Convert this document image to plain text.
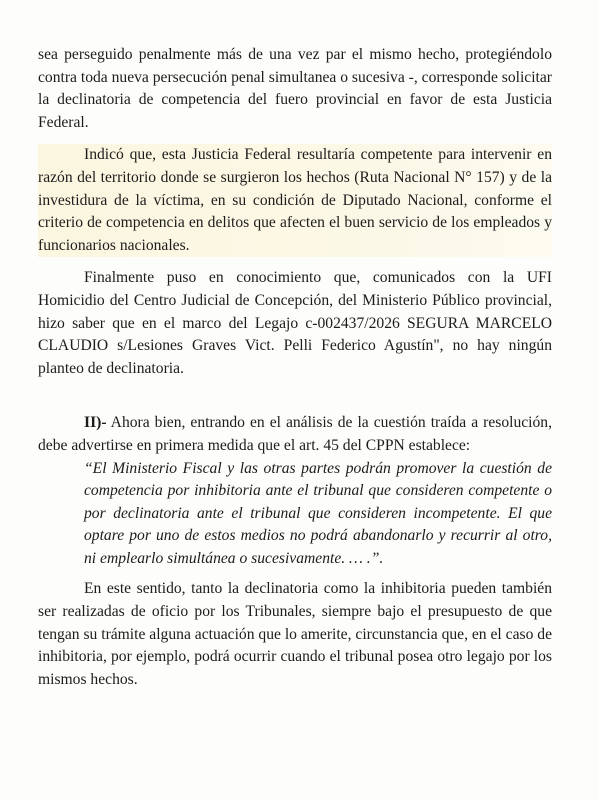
sea perseguido penalmente más de una vez par el mismo hecho, protegiéndolo contra toda nueva persecución penal simultanea o sucesiva -, corresponde solicitar la declinatoria de competencia del fuero provincial en favor de esta Justicia Federal.

Indicó que, esta Justicia Federal resultaría competente para intervenir en razón del territorio donde se surgieron los hechos (Ruta Nacional N° 157) y de la investidura de la víctima, en su condición de Diputado Nacional, conforme el criterio de competencia en delitos que afecten el buen servicio de los empleados y funcionarios nacionales.

Finalmente puso en conocimiento que, comunicados con la UFI Homicidio del Centro Judicial de Concepción, del Ministerio Público provincial, hizo saber que en el marco del Legajo c-002437/2026 SEGURA MARCELO CLAUDIO s/Lesiones Graves Vict. Pelli Federico Agustín", no hay ningún planteo de declinatoria.

II)- Ahora bien, entrando en el análisis de la cuestión traída a resolución, debe advertirse en primera medida que el art. 45 del CPPN establece:

“El Ministerio Fiscal y las otras partes podrán promover la cuestión de competencia por inhibitoria ante el tribunal que consideren competente o por declinatoria ante el tribunal que consideren incompetente. El que optare por uno de estos medios no podrá abandonarlo y recurrir al otro, ni emplearlo simultánea o sucesivamente. … .”.

En este sentido, tanto la declinatoria como la inhibitoria pueden también ser realizadas de oficio por los Tribunales, siempre bajo el presupuesto de que tengan su trámite alguna actuación que lo amerite, circunstancia que, en el caso de inhibitoria, por ejemplo, podrá ocurrir cuando el tribunal posea otro legajo por los mismos hechos.
